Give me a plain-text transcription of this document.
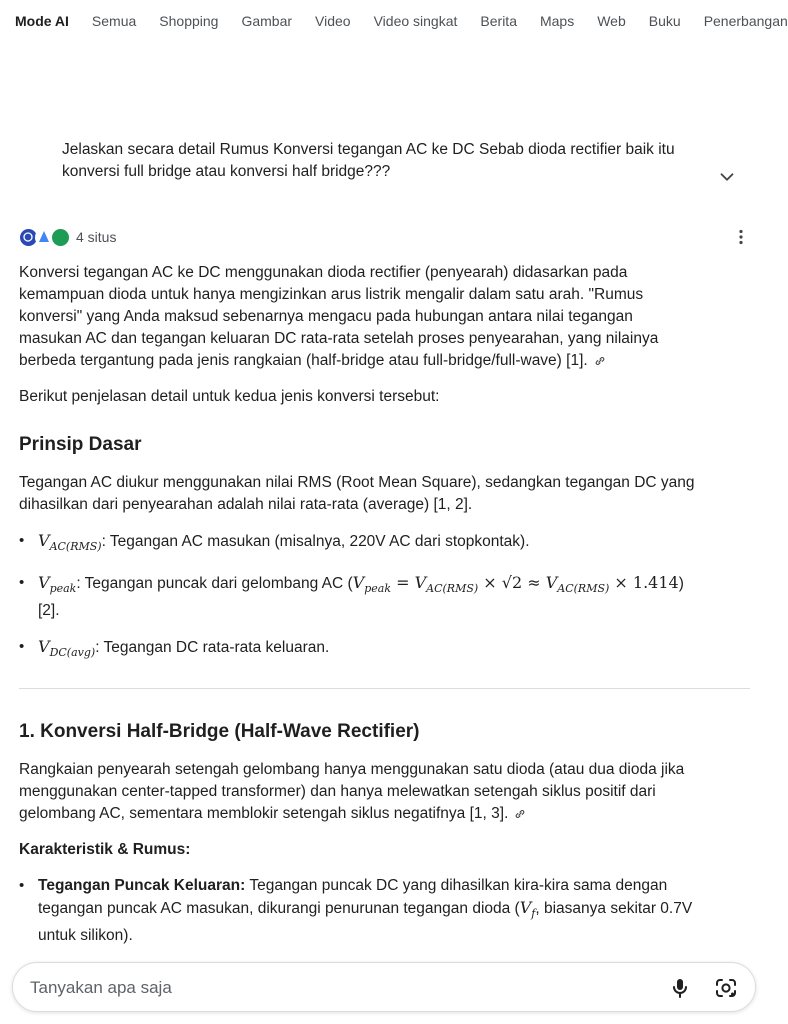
Mode AI Semua Shopping Gambar Video Video singkat Berita Maps Web Buku Penerbangan
Jelaskan secara detail Rumus Konversi tegangan AC ke DC Sebab dioda rectifier baik itu konversi full bridge atau konversi half bridge???
4 situs

Konversi tegangan AC ke DC menggunakan dioda rectifier (penyearah) didasarkan pada kemampuan dioda untuk hanya mengizinkan arus listrik mengalir dalam satu arah. "Rumus konversi" yang Anda maksud sebenarnya mengacu pada hubungan antara nilai tegangan masukan AC dan tegangan keluaran DC rata-rata setelah proses penyearahan, yang nilainya berbeda tergantung pada jenis rangkaian (half-bridge atau full-bridge/full-wave) [1].

Berikut penjelasan detail untuk kedua jenis konversi tersebut:

Prinsip Dasar

Tegangan AC diukur menggunakan nilai RMS (Root Mean Square), sedangkan tegangan DC yang dihasilkan dari penyearahan adalah nilai rata-rata (average) [1, 2].

• $V_{AC(RMS)}$: Tegangan AC masukan (misalnya, 220V AC dari stopkontak).
• $V_{peak}$: Tegangan puncak dari gelombang AC $(V_{peak} = V_{AC(RMS)} \times √2 \approx V_{AC(RMS)} \times 1.414)$ [2].
• $V_{DC(avg)}$: Tegangan DC rata-rata keluaran.
1. Konversi Half-Bridge (Half-Wave Rectifier)

Rangkaian penyearah setengah gelombang hanya menggunakan satu dioda (atau dua dioda jika menggunakan center-tapped transformer) dan hanya melewatkan setengah siklus positif dari gelombang AC, sementara memblokir setengah siklus negatifnya [1, 3].

Karakteristik & Rumus:

• Tegangan Puncak Keluaran: Tegangan puncak DC yang dihasilkan kira-kira sama dengan tegangan puncak AC masukan, dikurangi penurunan tegangan dioda ($V_f$, biasanya sekitar 0.7V untuk silikon).
Tanyakan apa saja
